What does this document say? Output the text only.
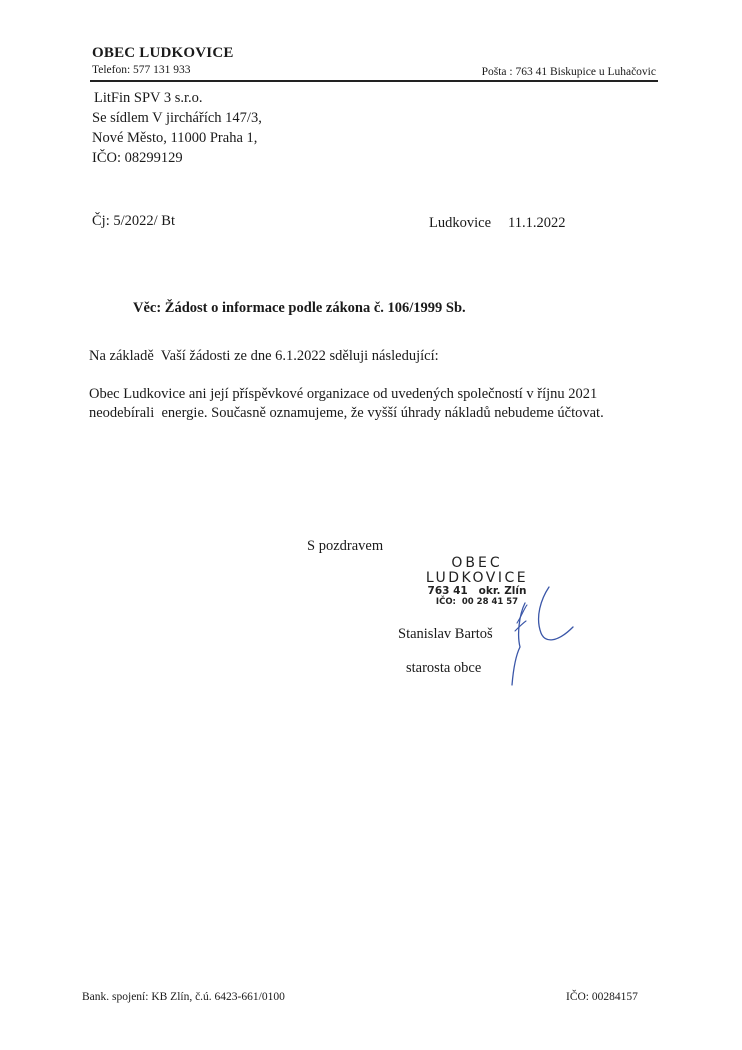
OBEC LUDKOVICE
Telefon: 577 131 933	Pošta : 763 41 Biskupice u Luhačovic
LitFin SPV 3 s.r.o.
Se sídlem V jirchářích 147/3,
Nové Město, 11000 Praha 1,
IČO: 08299129
Čj: 5/2022/ Bt	Ludkovice 11.1.2022
Věc: Žádost o informace podle zákona č. 106/1999 Sb.
Na základě  Vaší žádosti ze dne 6.1.2022 sděluji následující:
Obec Ludkovice ani její příspěvkové organizace od uvedených společností v říjnu 2021
neodebírali  energie. Současně oznamujeme, že vyšší úhrady nákladů nebudeme účtovat.
S pozdravem
OBEC
LUDKOVICE
763 41   okr. Zlín
IČO:  00 28 41 57
Stanislav Bartoš
starosta obce
Bank. spojení: KB Zlín, č.ú. 6423-661/0100	IČO: 00284157
